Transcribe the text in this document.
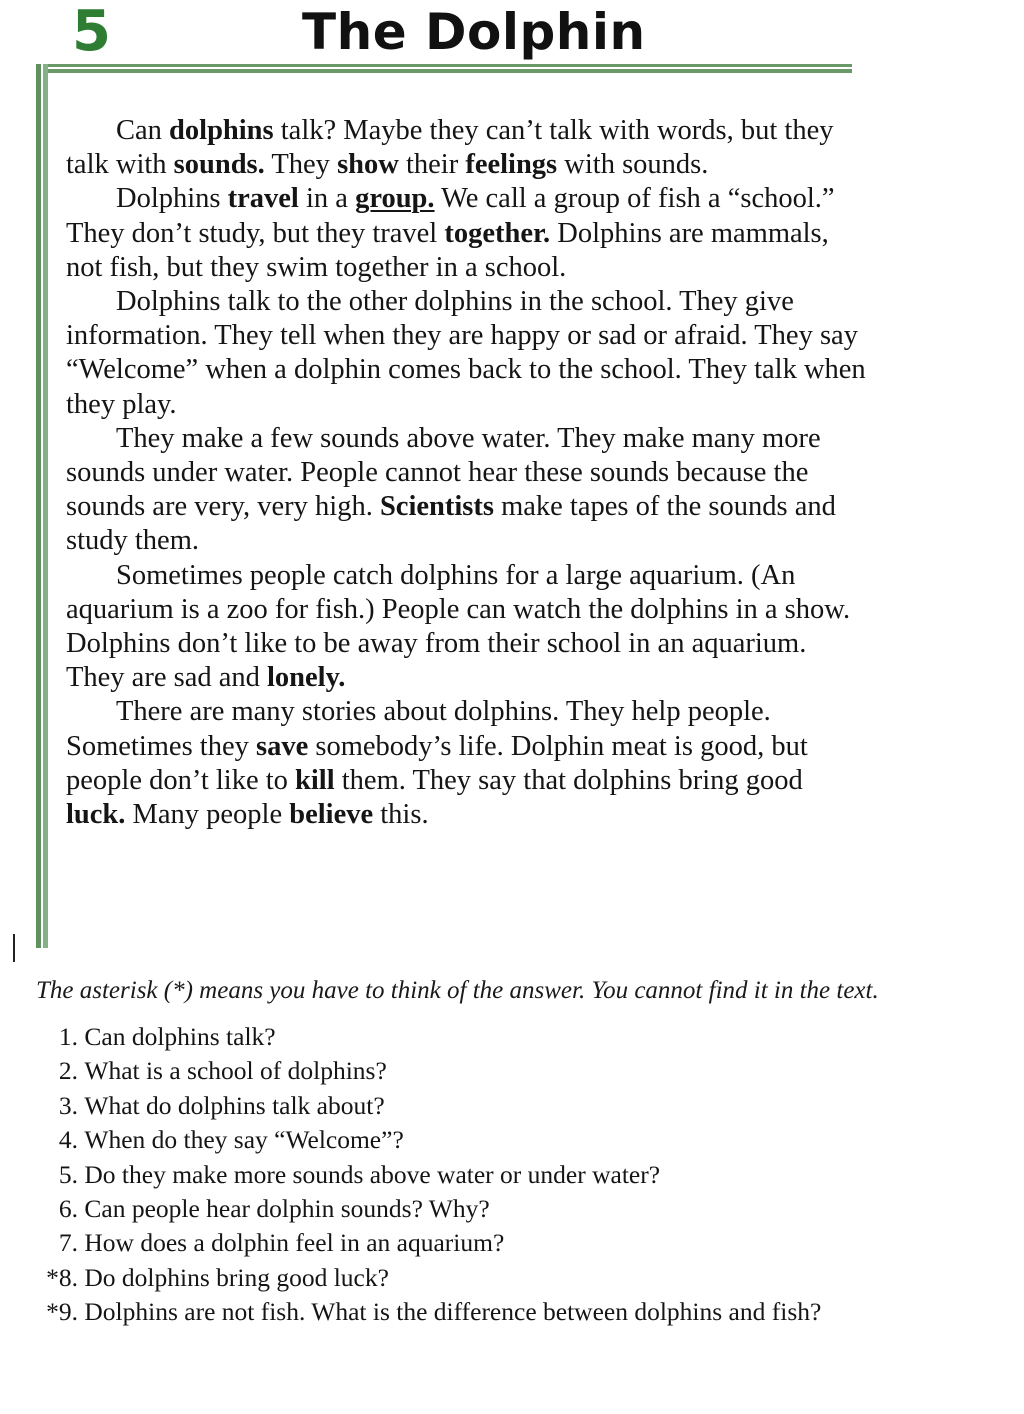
5	The Dolphin

Can dolphins talk? Maybe they can’t talk with words, but they talk with sounds. They show their feelings with sounds.

Dolphins travel in a group. We call a group of fish a “school.” They don’t study, but they travel together. Dolphins are mammals, not fish, but they swim together in a school.

Dolphins talk to the other dolphins in the school. They give information. They tell when they are happy or sad or afraid. They say “Welcome” when a dolphin comes back to the school. They talk when they play.

They make a few sounds above water. They make many more sounds under water. People cannot hear these sounds because the sounds are very, very high. Scientists make tapes of the sounds and study them.

Sometimes people catch dolphins for a large aquarium. (An aquarium is a zoo for fish.) People can watch the dolphins in a show. Dolphins don’t like to be away from their school in an aquarium. They are sad and lonely.

There are many stories about dolphins. They help people. Sometimes they save somebody’s life. Dolphin meat is good, but people don’t like to kill them. They say that dolphins bring good luck. Many people believe this.

The asterisk (*) means you have to think of the answer. You cannot find it in the text.
1. Can dolphins talk?
2. What is a school of dolphins?
3. What do dolphins talk about?
4. When do they say “Welcome”?
5. Do they make more sounds above water or under water?
6. Can people hear dolphin sounds? Why?
7. How does a dolphin feel in an aquarium?
*8. Do dolphins bring good luck?
*9. Dolphins are not fish. What is the difference between dolphins and fish?
